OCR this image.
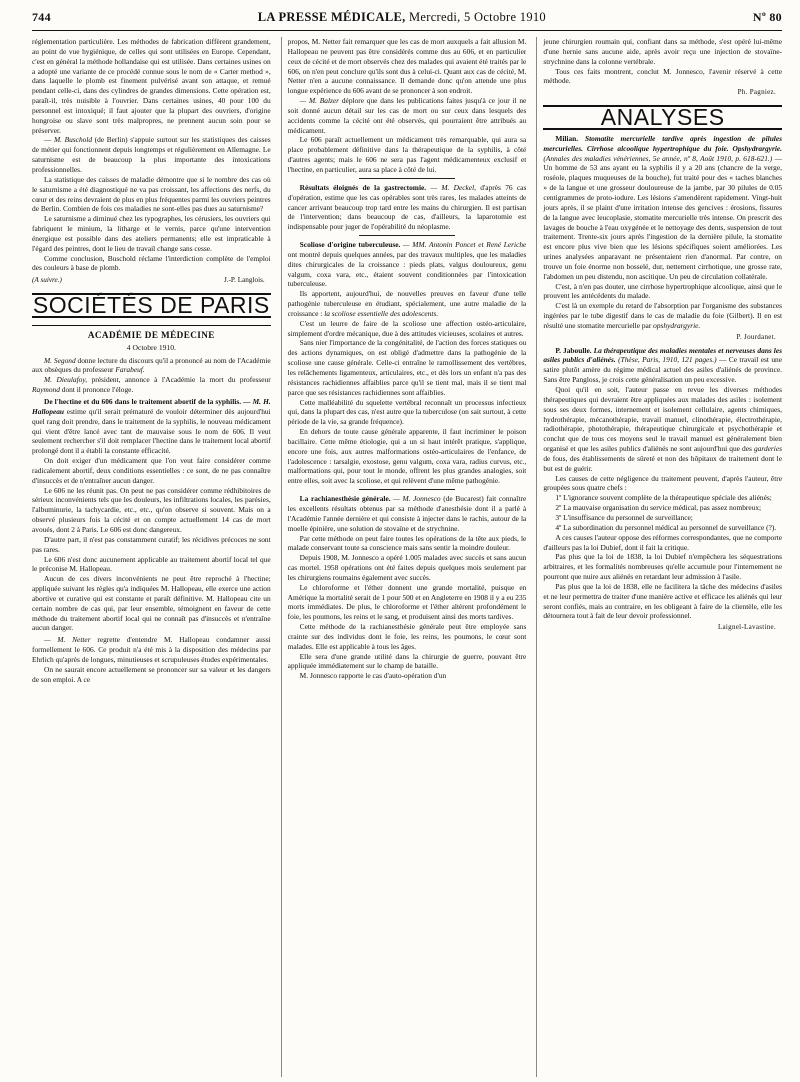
744	LA PRESSE MÉDICALE, Mercredi, 5 Octobre 1910	Nº 80

réglementation particulière. Les méthodes de fabrication diffèrent grandement, au point de vue hygiénique, de celles qui sont utilisées en Europe. Cependant, c'est en général la méthode hollandaise qui est utilisée. Dans certaines usines on a adopté une variante de ce procédé connue sous le nom de « Carter method », dans laquelle le plomb est finement pulvérisé avant son attaque, et remué pendant celle-ci, dans des cylindres de grandes dimensions. Cette opération est, paraît-il, très nuisible à l'ouvrier. Dans certaines usines, 40 pour 100 du personnel est intoxiqué; il faut ajouter que la plupart des ouvriers, d'origine hongroise ou slave sont très malpropres, ne prennent aucun soin pour se préserver.

— M. Buschold (de Berlin) s'appuie surtout sur les statistiques des caisses de métier qui fonctionnent depuis longtemps et régulièrement en Allemagne. Le saturnisme est de beaucoup la plus importante des intoxications professionnelles.

La statistique des caisses de maladie démontre que si le nombre des cas où le saturnisme a été diagnostiqué ne va pas croissant, les affections des nerfs, du cœur et des reins devraient de plus en plus fréquentes parmi les ouvriers peintres de Berlin. Combien de fois ces maladies ne sont-elles pas dues au saturnisme?

Le saturnisme a diminué chez les typographes, les cérusiers, les ouvriers qui fabriquent le minium, la litharge et le vernis, parce qu'une intervention énergique est possible dans des ateliers permanents; elle est impraticable à l'égard des peintres, dont le lieu de travail change sans cesse.

Comme conclusion, Buschold réclame l'interdiction complète de l'emploi des couleurs à base de plomb.

(A suivre.)	J.-P. Langlois.
SOCIÉTÉS DE PARIS
ACADÉMIE DE MÉDECINE
4 Octobre 1910.

M. Segond donne lecture du discours qu'il a prononcé au nom de l'Académie aux obsèques du professeur Farabeuf.

M. Dieulafoy, président, annonce à l'Académie la mort du professeur Raymond dont il prononce l'éloge.

De l'hectine et du 606 dans le traitement abortif de la syphilis. — M. H. Hallopeau estime qu'il serait prématuré de vouloir déterminer dès aujourd'hui quel rang doit prendre, dans le traitement de la syphilis, le nouveau médicament qui vient d'être lancé avec tant de mauvaise sous le nom de 606. Il veut seulement rechercher s'il doit remplacer l'hectine dans le traitement local abortif prolongé dont il a établi la constante efficacité.

On doit exiger d'un médicament que l'on veut faire considérer comme radicalement abortif, deux conditions essentielles : ce sont, de ne pas connaître d'insuccès et de n'entraîner aucun danger.

Le 606 ne les réunit pas. On peut ne pas considérer comme rédhibitoires de sérieux inconvénients tels que les douleurs, les infiltrations locales, les parésies, l'albuminurie, la tachycardie, etc., etc., qu'on observe si souvent. Mais on a observé plusieurs fois la cécité et on compte actuellement 14 cas de mort avoués, dont 2 à Paris. Le 606 est donc dangereux.

D'autre part, il n'est pas constamment curatif; les récidives précoces ne sont pas rares.

Le 606 n'est donc aucunement applicable au traitement abortif local tel que le préconise M. Hallopeau.

Aucun de ces divers inconvénients ne peut être reproché à l'hectine; appliquée suivant les règles qu'a indiquées M. Hallopeau, elle exerce une action abortive et curative qui est constante et paraît définitive. M. Hallopeau cite un certain nombre de cas qui, par leur ensemble, témoignent en faveur de cette méthode du traitement abortif local qui ne connaît pas d'insuccès et n'entraîne aucun danger.

— M. Netter regrette d'entendre M. Hallopeau condamner aussi formellement le 606. Ce produit n'a été mis à la disposition des médecins par Ehrlich qu'après de longues, minutieuses et scrupuleuses études expérimentales.

On ne saurait encore actuellement se prononcer sur sa valeur et les dangers de son emploi. A ce

propos, M. Netter fait remarquer que les cas de mort auxquels a fait allusion M. Hallopeau ne peuvent pas être considérés comme dus au 606, et en particulier ceux de cécité et de mort observés chez des malades qui avaient été traités par le 606, on n'en peut conclure qu'ils sont dus à celui-ci. Quant aux cas de cécité, M. Netter n'en a aucune connaissance. Il demande donc qu'on attende une plus longue expérience du 606 avant de se prononcer à son endroit.

— M. Balzer déplore que dans les publications faites jusqu'à ce jour il ne soit donné aucun détail sur les cas de mort ou sur ceux dans lesquels des accidents comme la cécité ont été observés, qui pourraient être attribués au médicament.

Le 606 paraît actuellement un médicament très remarquable, qui aura sa place probablement définitive dans la thérapeutique de la syphilis, à côté d'autres agents; mais le 606 ne sera pas l'agent médicamenteux exclusif et l'hectine, en particulier, aura sa place à côté de lui.

Résultats éloignés de la gastrectomie. — M. Deckel, d'après 76 cas d'opération, estime que les cas opérables sont très rares, les malades atteints de cancer arrivant beaucoup trop tard entre les mains du chirurgien. Il est partisan de l'intervention; dans beaucoup de cas, d'ailleurs, la laparotomie est indispensable pour juger de l'opérabilité du néoplasme.

Scoliose d'origine tuberculeuse. — MM. Antonin Poncet et René Leriche ont montré depuis quelques années, par des travaux multiples, que les maladies dites chirurgicales de la croissance : pieds plats, valgus douloureux, genu valgum, coxa vara, etc., étaient souvent conditionnées par l'intoxication tuberculeuse.

Ils apportent, aujourd'hui, de nouvelles preuves en faveur d'une telle pathogénie tuberculeuse en étudiant, spécialement, une autre maladie de la croissance : la scoliose essentielle des adolescents.

C'est un leurre de faire de la scoliose une affection ostéo-articulaire, simplement d'ordre mécanique, due à des attitudes vicieuses, scolaires et autres.

Sans nier l'importance de la congénitalité, de l'action des forces statiques ou des actions dynamiques, on est obligé d'admettre dans la pathogénie de la scoliose une cause générale. Celle-ci entraîne le ramollissement des vertèbres, les relâchements ligamenteux, articulaires, etc., et dès lors un enfant n'a pas des résistances rachidiennes affaiblies parce qu'il se tient mal, mais il se tient mal parce que ses résistances rachidiennes sont affaiblies.

Cette malléabilité du squelette vertébral reconnaît un processus infectieux qui, dans la plupart des cas, n'est autre que la tuberculose (on sait surtout, à cette période de la vie, sa grande fréquence).

En dehors de toute cause générale apparente, il faut incriminer le poison bacillaire. Cette même étiologie, qui a un si haut intérêt pratique, s'applique, encore une fois, aux autres malformations ostéo-articulaires de l'enfance, de l'adolescence : tarsalgie, exostose, genu valgum, coxa vara, radius curvus, etc., malformations qui, pour tout le monde, offrent les plus grandes analogies, soit entre elles, soit avec la scoliose, et qui relèvent d'une même pathogénie.

La rachianesthésie générale. — M. Jonnesco (de Bucarest) fait connaître les excellents résultats obtenus par sa méthode d'anesthésie dont il a parlé à l'Académie l'année dernière et qui consiste à injecter dans le rachis, autour de la moelle épinière, une solution de stovaïne et de strychnine.

Par cette méthode on peut faire toutes les opérations de la tête aux pieds, le malade conservant toute sa conscience mais sans sentir la moindre douleur.

Depuis 1908, M. Jonnesco a opéré 1.005 malades avec succès et sans aucun cas mortel. 1958 opérations ont été faites depuis quelques mois seulement par les chirurgiens roumains également avec succès.

Le chloroforme et l'éther donnent une grande mortalité, puisque en Amérique la mortalité serait de 1 pour 500 et en Angleterre en 1908 il y a eu 235 morts immédiates. De plus, le chloroforme et l'éther altèrent profondément le foie, les poumons, les reins et le sang, et produisent ainsi des morts tardives.

Cette méthode de la rachianesthésie générale peut être employée sans crainte sur des individus dont le foie, les reins, les poumons, le cœur sont malades. Elle est applicable à tous les âges.

Elle sera d'une grande utilité dans la chirurgie de guerre, pouvant être appliquée immédiatement sur le champ de bataille.

M. Jonnesco rapporte le cas d'auto-opération d'un

jeune chirurgien roumain qui, confiant dans sa méthode, s'est opéré lui-même d'une hernie sans aucune aide, après avoir reçu une injection de stovaïne-strychnine dans la colonne vertébrale.

Tous ces faits montrent, conclut M. Jonnesco, l'avenir réservé à cette méthode.

Ph. Pagniez.
ANALYSES

Milian. Stomatite mercurielle tardive après ingestion de pilules mercurielles. Cirrhose alcoolique hypertrophique du foie. Opshydrargyrie. (Annales des maladies vénériennes, 5e année, nº 8, Août 1910, p. 618-621.) — Un homme de 53 ans ayant eu la syphilis il y a 20 ans (chancre de la verge, roséole, plaques muqueuses de la bouche), fut traité pour des « taches blanches » de la langue et une grosseur douloureuse de la jambe, par 30 pilules de 0.05 centigrammes de proto-iodure. Les lésions s'amendèrent rapidement. Vingt-huit jours après, il se plaint d'une irritation intense des gencives : érosions, fissures de la langue avec leucoplasie, stomatite mercurielle très intense. On prescrit des lavages de bouche à l'eau oxygénée et le nettoyage des dents, suspension de tout traitement. Trente-six jours après l'ingestion de la dernière pilule, la stomatite est encore plus vive bien que les lésions spécifiques soient améliorées. Les urines analysées anparavant ne présentaient rien d'anormal. Par contre, on trouve un foie énorme non bosselé, dur, nettement cirrhotique, une grosse rate, l'abdomen un peu distendu, non ascitique. Un peu de circulation collatérale.

C'est, à n'en pas douter, une cirrhose hypertrophique alcoolique, ainsi que le prouvent les antécédents du malade.

C'est là un exemple du retard de l'absorption par l'organisme des substances ingérées par le tube digestif dans le cas de maladie du foie (Gilbert). Il en est résulté une stomatite mercurielle par opshydrargyrie.

P. Jourdanet.

P. Jaboulle. La thérapeutique des maladies mentales et nerveuses dans les asiles publics d'aliénés. (Thèse, Paris, 1910, 121 pages.) — Ce travail est une satire plutôt amère du régime médical actuel des asiles d'aliénés de province. Sans être Pangloss, je crois cette généralisation un peu excessive.

Quoi qu'il en soit, l'auteur passe en revue les diverses méthodes thérapeutiques qui devraient être appliquées aux malades des asiles : isolement sous ses deux formes, internement et isolement cellulaire, agents chimiques, hydrothérapie, mécanothérapie, travail manuel, clinothérapie, électrothérapie, radiothérapie, photothérapie, thérapeutique chirurgicale et psychothérapie et conclut que de tous ces moyens seul le travail manuel est généralement bien organisé et que les asiles publics d'aliénés ne sont aujourd'hui que des garderies de fous, des établissements de sûreté et non des hôpitaux de traitement dont le but est de guérir.

Les causes de cette négligence du traitement peuvent, d'après l'auteur, être groupées sous quatre chefs :

1º L'ignorance souvent complète de la thérapeutique spéciale des aliénés;

2º La mauvaise organisation du service médical, pas assez nombreux;

3º L'insuffisance du personnel de surveillance;

4º La subordination du personnel médical au personnel de surveillance (?).

A ces causes l'auteur oppose des réformes correspondantes, que ne comporte d'ailleurs pas la loi Dubief, dont il fait la critique.

Pas plus que la loi de 1838, la loi Dubief n'empêchera les séquestrations arbitraires, et les formalités nombreuses qu'elle accumule pour l'internement ne pourront que nuire aux aliénés en retardant leur admission à l'asile.

Pas plus que la loi de 1838, elle ne facilitera la tâche des médecins d'asiles et ne leur permettra de traiter d'une manière active et efficace les aliénés qui leur seront confiés, mais au contraire, en les obligeant à faire de la clientèle, elle les détournera tout à fait de leur devoir professionnel.

Laignel-Lavastine.
